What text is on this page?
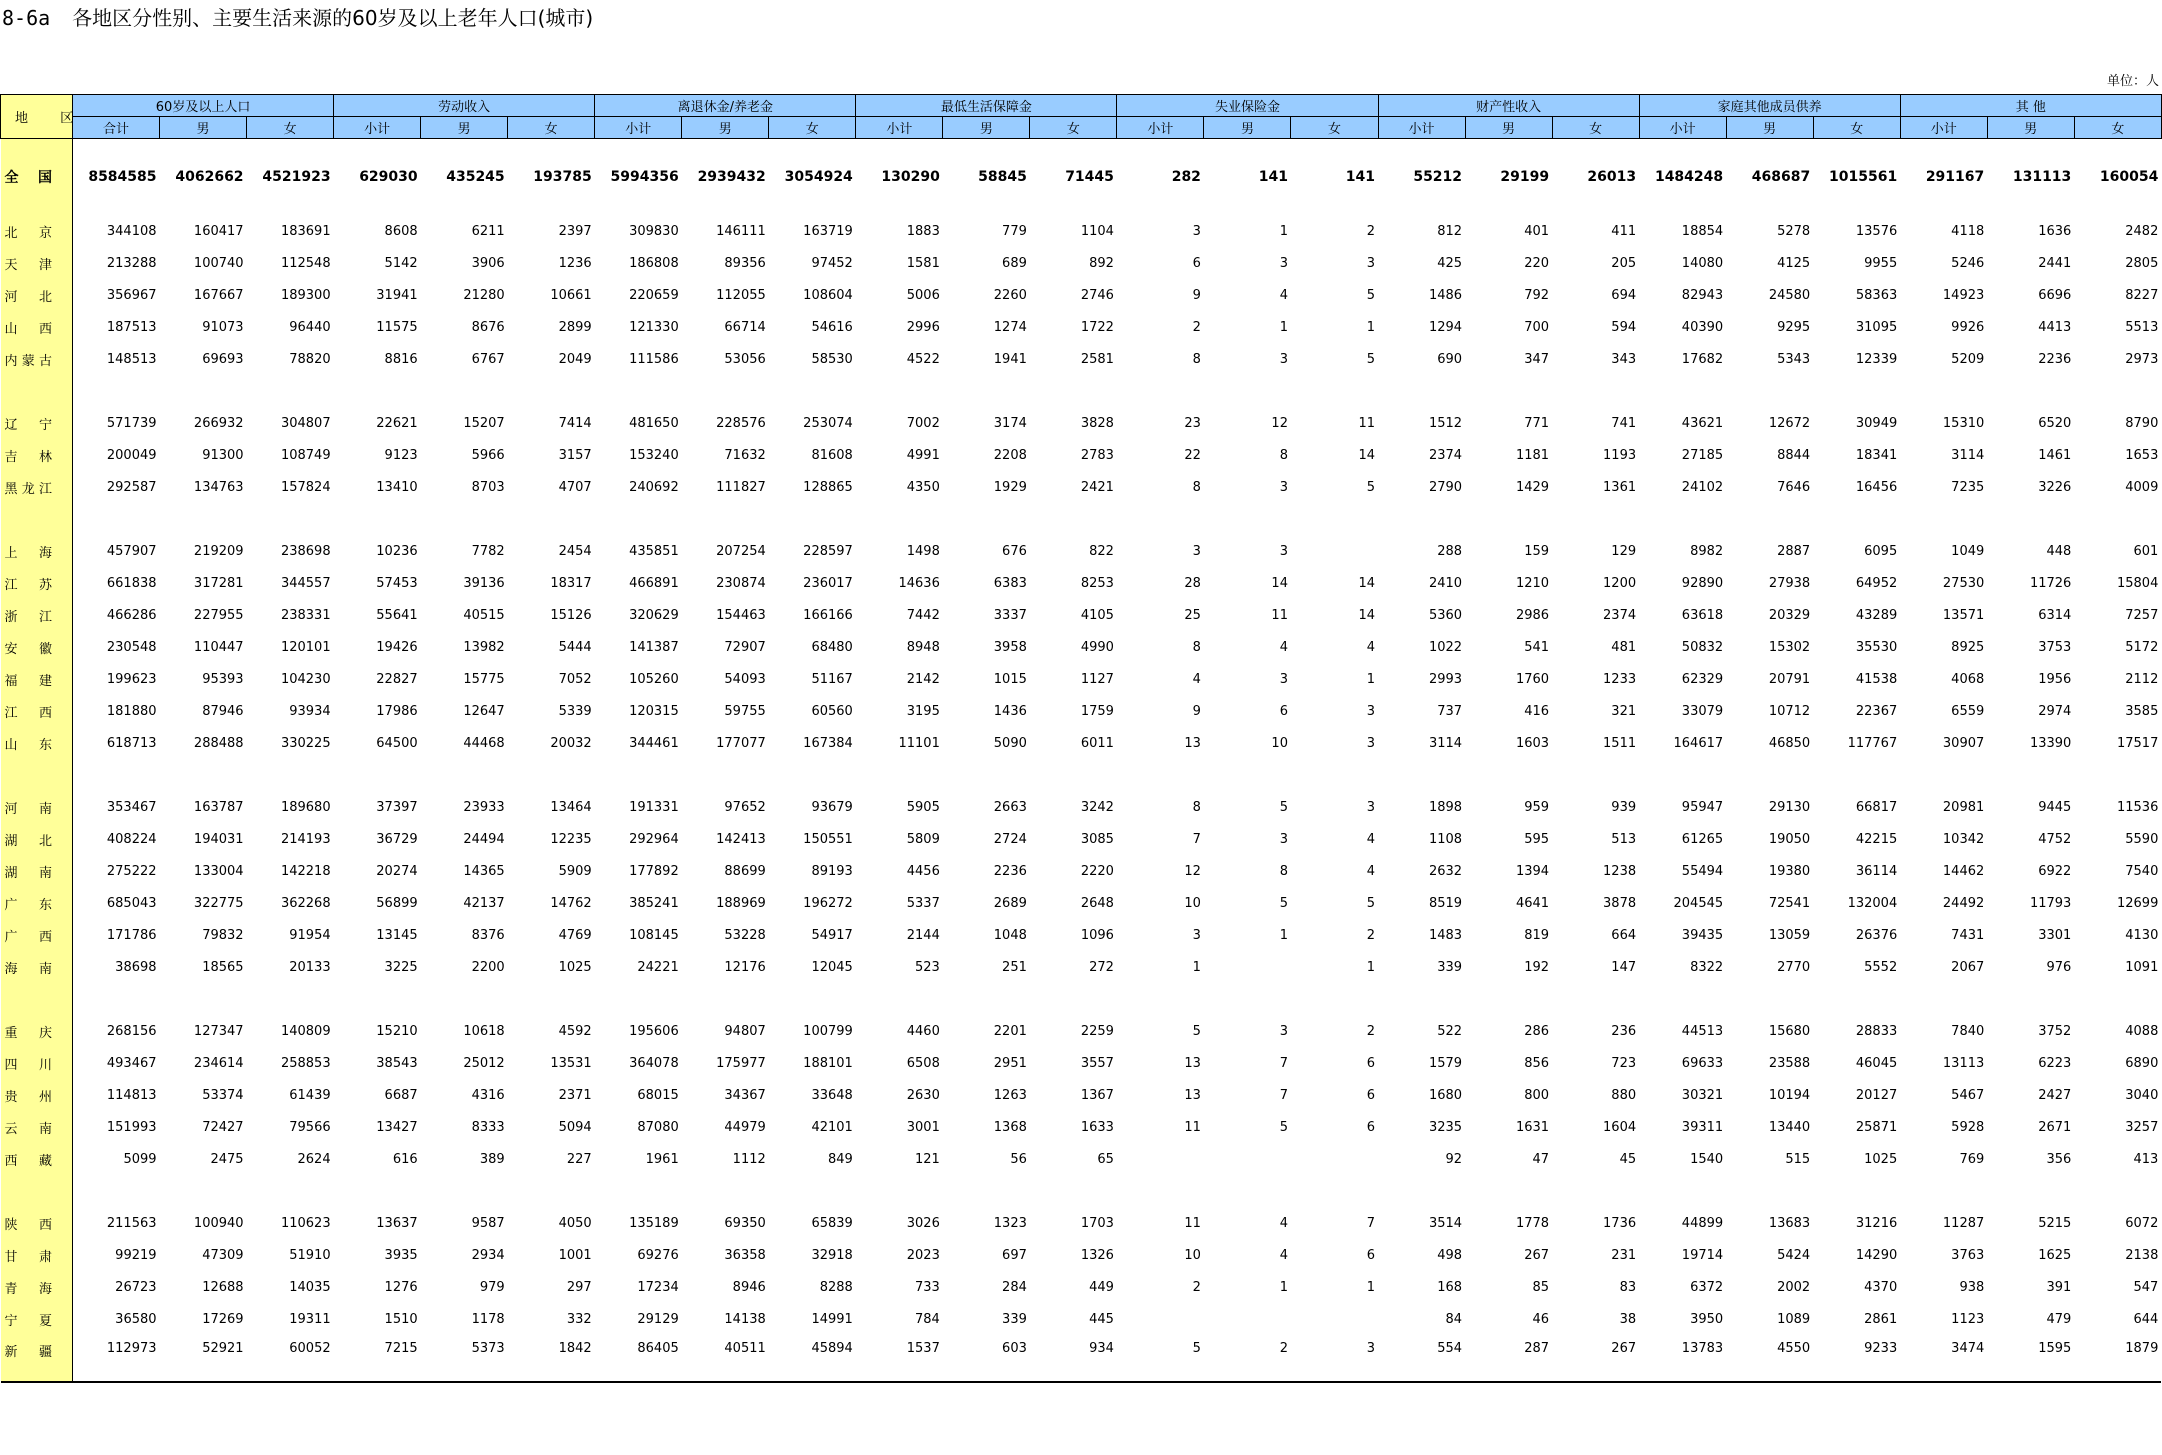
8-6a 各地区分性别、主要生活来源的60岁及以上老年人口(城市)
单位：人
地 区	60岁及以上人口			劳动收入			离退休金/养老金			最低生活保障金			失业保险金			财产性收入			家庭其他成员供养			其 他		
	合计	男	女	小计	男	女	小计	男	女	小计	男	女	小计	男	女	小计	男	女	小计	男	女	小计	男	女
全 国	8584585	4062662	4521923	629030	435245	193785	5994356	2939432	3054924	130290	58845	71445	282	141	141	55212	29199	26013	1484248	468687	1015561	291167	131113	160054
北 京	344108	160417	183691	8608	6211	2397	309830	146111	163719	1883	779	1104	3	1	2	812	401	411	18854	5278	13576	4118	1636	2482
天 津	213288	100740	112548	5142	3906	1236	186808	89356	97452	1581	689	892	6	3	3	425	220	205	14080	4125	9955	5246	2441	2805
河 北	356967	167667	189300	31941	21280	10661	220659	112055	108604	5006	2260	2746	9	4	5	1486	792	694	82943	24580	58363	14923	6696	8227
山 西	187513	91073	96440	11575	8676	2899	121330	66714	54616	2996	1274	1722	2	1	1	1294	700	594	40390	9295	31095	9926	4413	5513
内蒙古	148513	69693	78820	8816	6767	2049	111586	53056	58530	4522	1941	2581	8	3	5	690	347	343	17682	5343	12339	5209	2236	2973

辽 宁	571739	266932	304807	22621	15207	7414	481650	228576	253074	7002	3174	3828	23	12	11	1512	771	741	43621	12672	30949	15310	6520	8790
吉 林	200049	91300	108749	9123	5966	3157	153240	71632	81608	4991	2208	2783	22	8	14	2374	1181	1193	27185	8844	18341	3114	1461	1653
黑龙江	292587	134763	157824	13410	8703	4707	240692	111827	128865	4350	1929	2421	8	3	5	2790	1429	1361	24102	7646	16456	7235	3226	4009

上 海	457907	219209	238698	10236	7782	2454	435851	207254	228597	1498	676	822	3	3		288	159	129	8982	2887	6095	1049	448	601
江 苏	661838	317281	344557	57453	39136	18317	466891	230874	236017	14636	6383	8253	28	14	14	2410	1210	1200	92890	27938	64952	27530	11726	15804
浙 江	466286	227955	238331	55641	40515	15126	320629	154463	166166	7442	3337	4105	25	11	14	5360	2986	2374	63618	20329	43289	13571	6314	7257
安 徽	230548	110447	120101	19426	13982	5444	141387	72907	68480	8948	3958	4990	8	4	4	1022	541	481	50832	15302	35530	8925	3753	5172
福 建	199623	95393	104230	22827	15775	7052	105260	54093	51167	2142	1015	1127	4	3	1	2993	1760	1233	62329	20791	41538	4068	1956	2112
江 西	181880	87946	93934	17986	12647	5339	120315	59755	60560	3195	1436	1759	9	6	3	737	416	321	33079	10712	22367	6559	2974	3585
山 东	618713	288488	330225	64500	44468	20032	344461	177077	167384	11101	5090	6011	13	10	3	3114	1603	1511	164617	46850	117767	30907	13390	17517

河 南	353467	163787	189680	37397	23933	13464	191331	97652	93679	5905	2663	3242	8	5	3	1898	959	939	95947	29130	66817	20981	9445	11536
湖 北	408224	194031	214193	36729	24494	12235	292964	142413	150551	5809	2724	3085	7	3	4	1108	595	513	61265	19050	42215	10342	4752	5590
湖 南	275222	133004	142218	20274	14365	5909	177892	88699	89193	4456	2236	2220	12	8	4	2632	1394	1238	55494	19380	36114	14462	6922	7540
广 东	685043	322775	362268	56899	42137	14762	385241	188969	196272	5337	2689	2648	10	5	5	8519	4641	3878	204545	72541	132004	24492	11793	12699
广 西	171786	79832	91954	13145	8376	4769	108145	53228	54917	2144	1048	1096	3	1	2	1483	819	664	39435	13059	26376	7431	3301	4130
海 南	38698	18565	20133	3225	2200	1025	24221	12176	12045	523	251	272	1		1	339	192	147	8322	2770	5552	2067	976	1091

重 庆	268156	127347	140809	15210	10618	4592	195606	94807	100799	4460	2201	2259	5	3	2	522	286	236	44513	15680	28833	7840	3752	4088
四 川	493467	234614	258853	38543	25012	13531	364078	175977	188101	6508	2951	3557	13	7	6	1579	856	723	69633	23588	46045	13113	6223	6890
贵 州	114813	53374	61439	6687	4316	2371	68015	34367	33648	2630	1263	1367	13	7	6	1680	800	880	30321	10194	20127	5467	2427	3040
云 南	151993	72427	79566	13427	8333	5094	87080	44979	42101	3001	1368	1633	11	5	6	3235	1631	1604	39311	13440	25871	5928	2671	3257
西 藏	5099	2475	2624	616	389	227	1961	1112	849	121	56	65				92	47	45	1540	515	1025	769	356	413

陕 西	211563	100940	110623	13637	9587	4050	135189	69350	65839	3026	1323	1703	11	4	7	3514	1778	1736	44899	13683	31216	11287	5215	6072
甘 肃	99219	47309	51910	3935	2934	1001	69276	36358	32918	2023	697	1326	10	4	6	498	267	231	19714	5424	14290	3763	1625	2138
青 海	26723	12688	14035	1276	979	297	17234	8946	8288	733	284	449	2	1	1	168	85	83	6372	2002	4370	938	391	547
宁 夏	36580	17269	19311	1510	1178	332	29129	14138	14991	784	339	445				84	46	38	3950	1089	2861	1123	479	644
新 疆	112973	52921	60052	7215	5373	1842	86405	40511	45894	1537	603	934	5	2	3	554	287	267	13783	4550	9233	3474	1595	1879
